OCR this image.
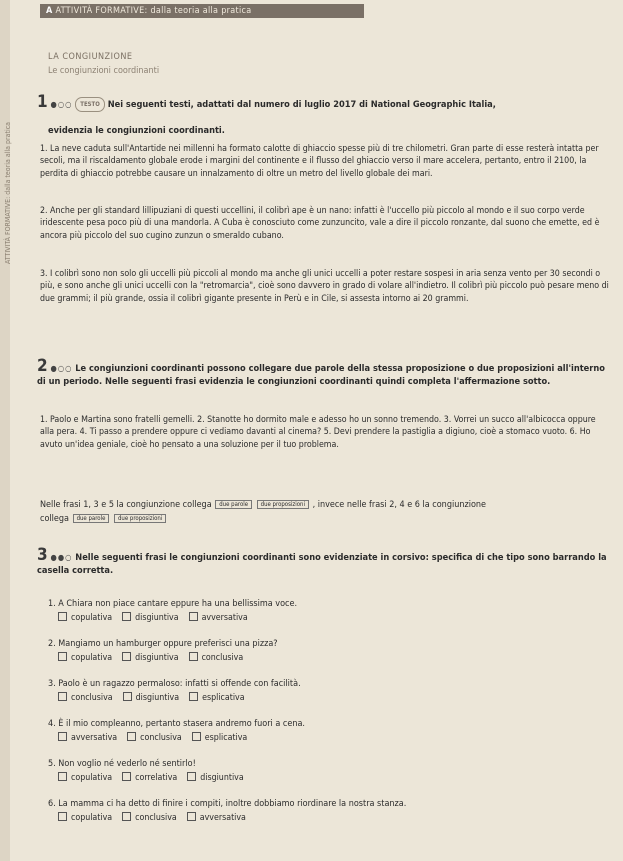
ATTIVITÀ FORMATIVE: dalla teoria alla pratica
A ATTIVITÀ FORMATIVE: dalla teoria alla pratica
LA CONGIUNZIONE
Le congiunzioni coordinanti
1 ●○○ TESTO Nei seguenti testi, adattati dal numero di luglio 2017 di National Geographic Italia,
evidenzia le congiunzioni coordinanti.

1. La neve caduta sull'Antartide nei millenni ha formato calotte di ghiaccio spesse più di tre chilometri. Gran parte di esse resterà intatta per secoli, ma il riscaldamento globale erode i margini del continente e il flusso del ghiaccio verso il mare accelera, pertanto, entro il 2100, la perdita di ghiaccio potrebbe causare un innalzamento di oltre un metro del livello globale dei mari.

2. Anche per gli standard lillipuziani di questi uccellini, il colibrì ape è un nano: infatti è l'uccello più piccolo al mondo e il suo corpo verde iridescente pesa poco più di una mandorla. A Cuba è conosciuto come zunzuncito, vale a dire il piccolo ronzante, dal suono che emette, ed è ancora più piccolo del suo cugino zunzun o smeraldo cubano.

3. I colibrì sono non solo gli uccelli più piccoli al mondo ma anche gli unici uccelli a poter restare sospesi in aria senza vento per 30 secondi o più, e sono anche gli unici uccelli con la "retromarcia", cioè sono davvero in grado di volare all'indietro. Il colibrì più piccolo può pesare meno di due grammi; il più grande, ossia il colibrì gigante presente in Perù e in Cile, si assesta intorno ai 20 grammi.

2 ●○○ Le congiunzioni coordinanti possono collegare due parole della stessa proposizione o due proposizioni all'interno di un periodo. Nelle seguenti frasi evidenzia le congiunzioni coordinanti quindi completa l'affermazione sotto.

1. Paolo e Martina sono fratelli gemelli. 2. Stanotte ho dormito male e adesso ho un sonno tremendo. 3. Vorrei un succo all'albicocca oppure alla pera. 4. Ti passo a prendere oppure ci vediamo davanti al cinema? 5. Devi prendere la pastiglia a digiuno, cioè a stomaco vuoto. 6. Ho avuto un'idea geniale, cioè ho pensato a una soluzione per il tuo problema.

Nelle frasi 1, 3 e 5 la congiunzione collega due parole due proposizioni , invece nelle frasi 2, 4 e 6 la congiunzione
collega due parole due proposizioni
3 ●●○ Nelle seguenti frasi le congiunzioni coordinanti sono evidenziate in corsivo: specifica di che tipo sono barrando la casella corretta.
1. A Chiara non piace cantare eppure ha una bellissima voce.
copulativa	disgiuntiva	avversativa
2. Mangiamo un hamburger oppure preferisci una pizza?
copulativa	disgiuntiva	conclusiva
3. Paolo è un ragazzo permaloso: infatti si offende con facilità.
conclusiva	disgiuntiva	esplicativa
4. È il mio compleanno, pertanto stasera andremo fuori a cena.
avversativa	conclusiva	esplicativa
5. Non voglio né vederlo né sentirlo!
copulativa	correlativa	disgiuntiva
6. La mamma ci ha detto di finire i compiti, inoltre dobbiamo riordinare la nostra stanza.
copulativa	conclusiva	avversativa
